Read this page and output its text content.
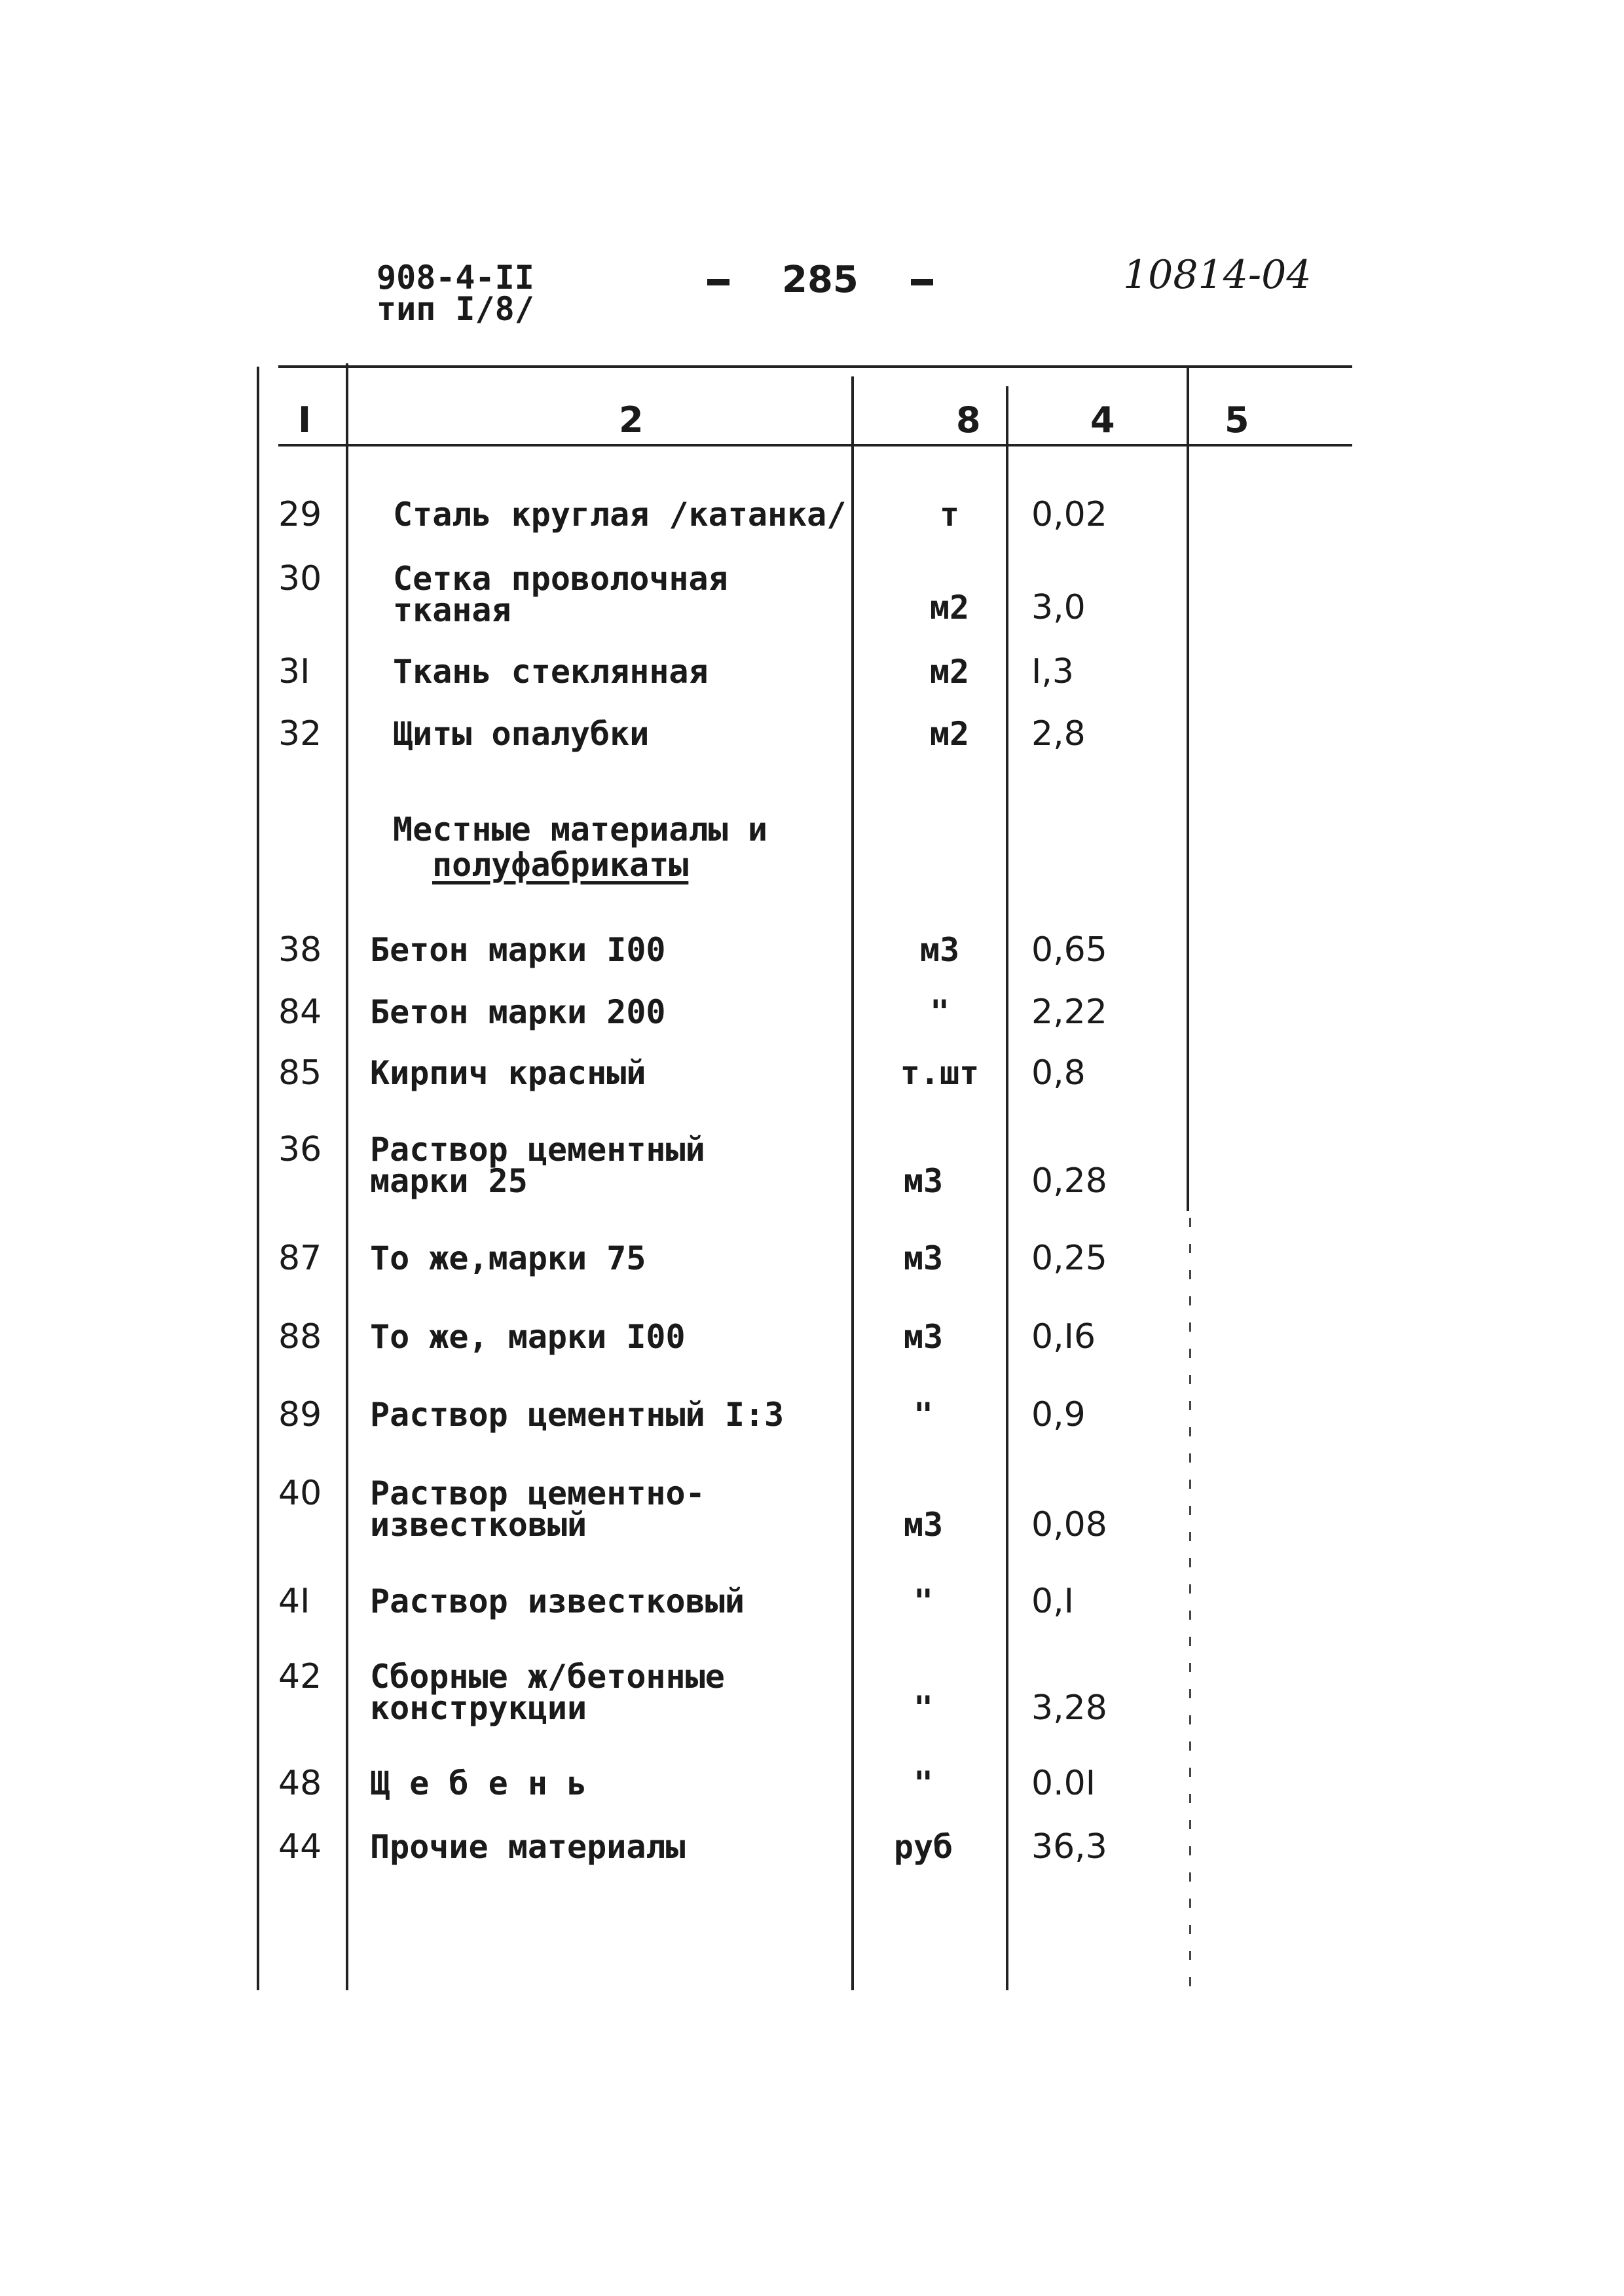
908-4-II
тип I/8/
285	10814-04
I	2	8	4	5
29 Сталь круглая /катанка/	т	0,02
30 Сетка проволочная
тканая	м2	3,0
3I	Ткань стеклянная	м2	I,3
32 Щиты опалубки	м2	2,8
Местные материалы и
полуфабрикаты
38 Бетон марки I00	м3	0,65
84 Бетон марки 200	"	2,22
85 Кирпич красный	т.шт	0,8
36 Раствор цементный
марки 25	м3	0,28
87 То же,марки 75	м3	0,25
88 То же, марки I00	м3	0,I6
89 Раствор цементный I:3	"	0,9
40 Раствор цементно-
известковый	м3	0,08
4I Раствор известковый	"	0,I
42 Сборные ж/бетонные
конструкции	"	3,28
48 Щ е б е н ь	"	0.0I
44 Прочие материалы	руб	36,3
